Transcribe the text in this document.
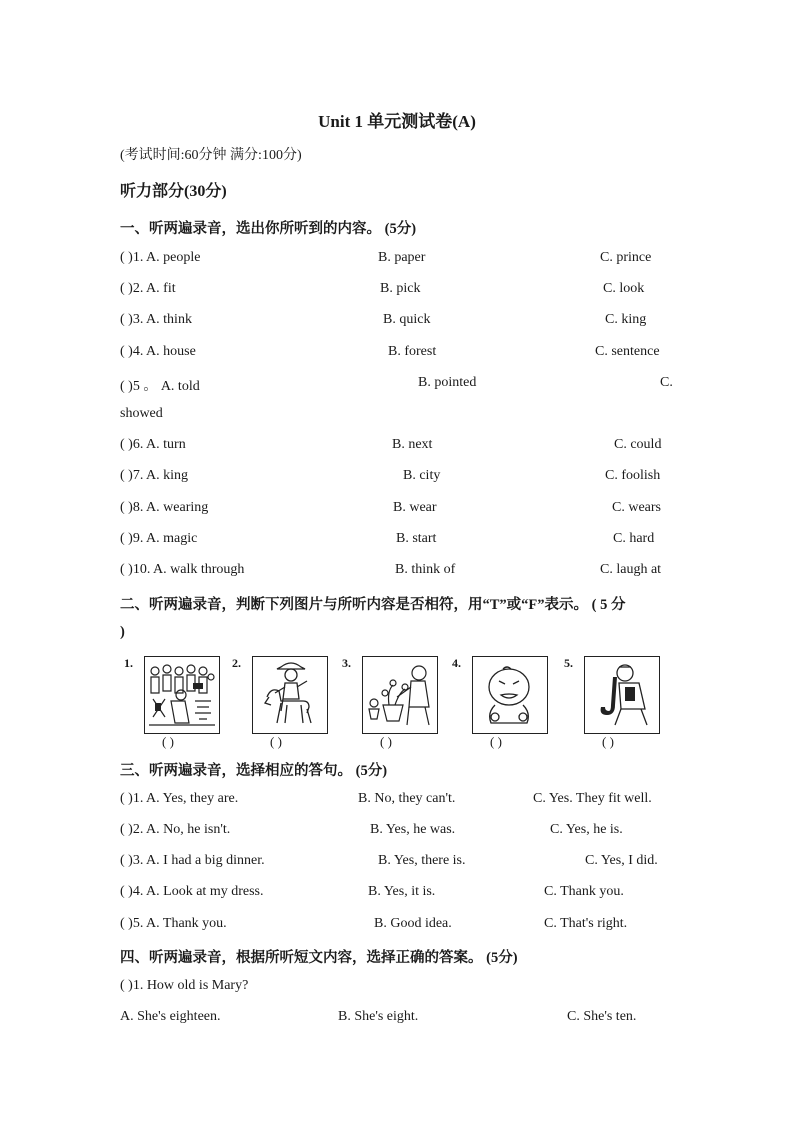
Unit 1 单元测试卷(A)
(考试时间:60分钟 满分:100分)
听力部分(30分)
一、听两遍录音，选出你所听到的内容。 (5分)
( )1. A. people	B. paper	C. prince
( )2. A. fit	B. pick	C. look
( )3. A. think	B. quick	C. king
( )4. A. house	B. forest	C. sentence
( )5 。 A. told	B. pointed	C.
showed
( )6. A. turn	B. next	C. could
( )7. A. king	B. city	C. foolish
( )8. A. wearing	B. wear	C. wears
( )9. A. magic	B. start	C. hard
( )10. A. walk through	B. think of	C. laugh at
二、听两遍录音，判断下列图片与所听内容是否相符，用“T”或“F”表示。 ( 5 分
)
1.
( )
2.
( )
3.
( )
4.
( )
5.
( )
三、听两遍录音，选择相应的答句。 (5分)
( )1. A. Yes, they are.	B. No, they can't.	C. Yes. They fit well.
( )2. A. No, he isn't.	B. Yes, he was.	C. Yes, he is.
( )3. A. I had a big dinner.	B. Yes, there is.	C. Yes, I did.
( )4. A. Look at my dress.	B. Yes, it is.	C. Thank you.
( )5. A. Thank you.	B. Good idea.	C. That's right.
四、听两遍录音，根据所听短文内容，选择正确的答案。 (5分)
( )1. How old is Mary?
A. She's eighteen.	B. She's eight.	C. She's ten.
